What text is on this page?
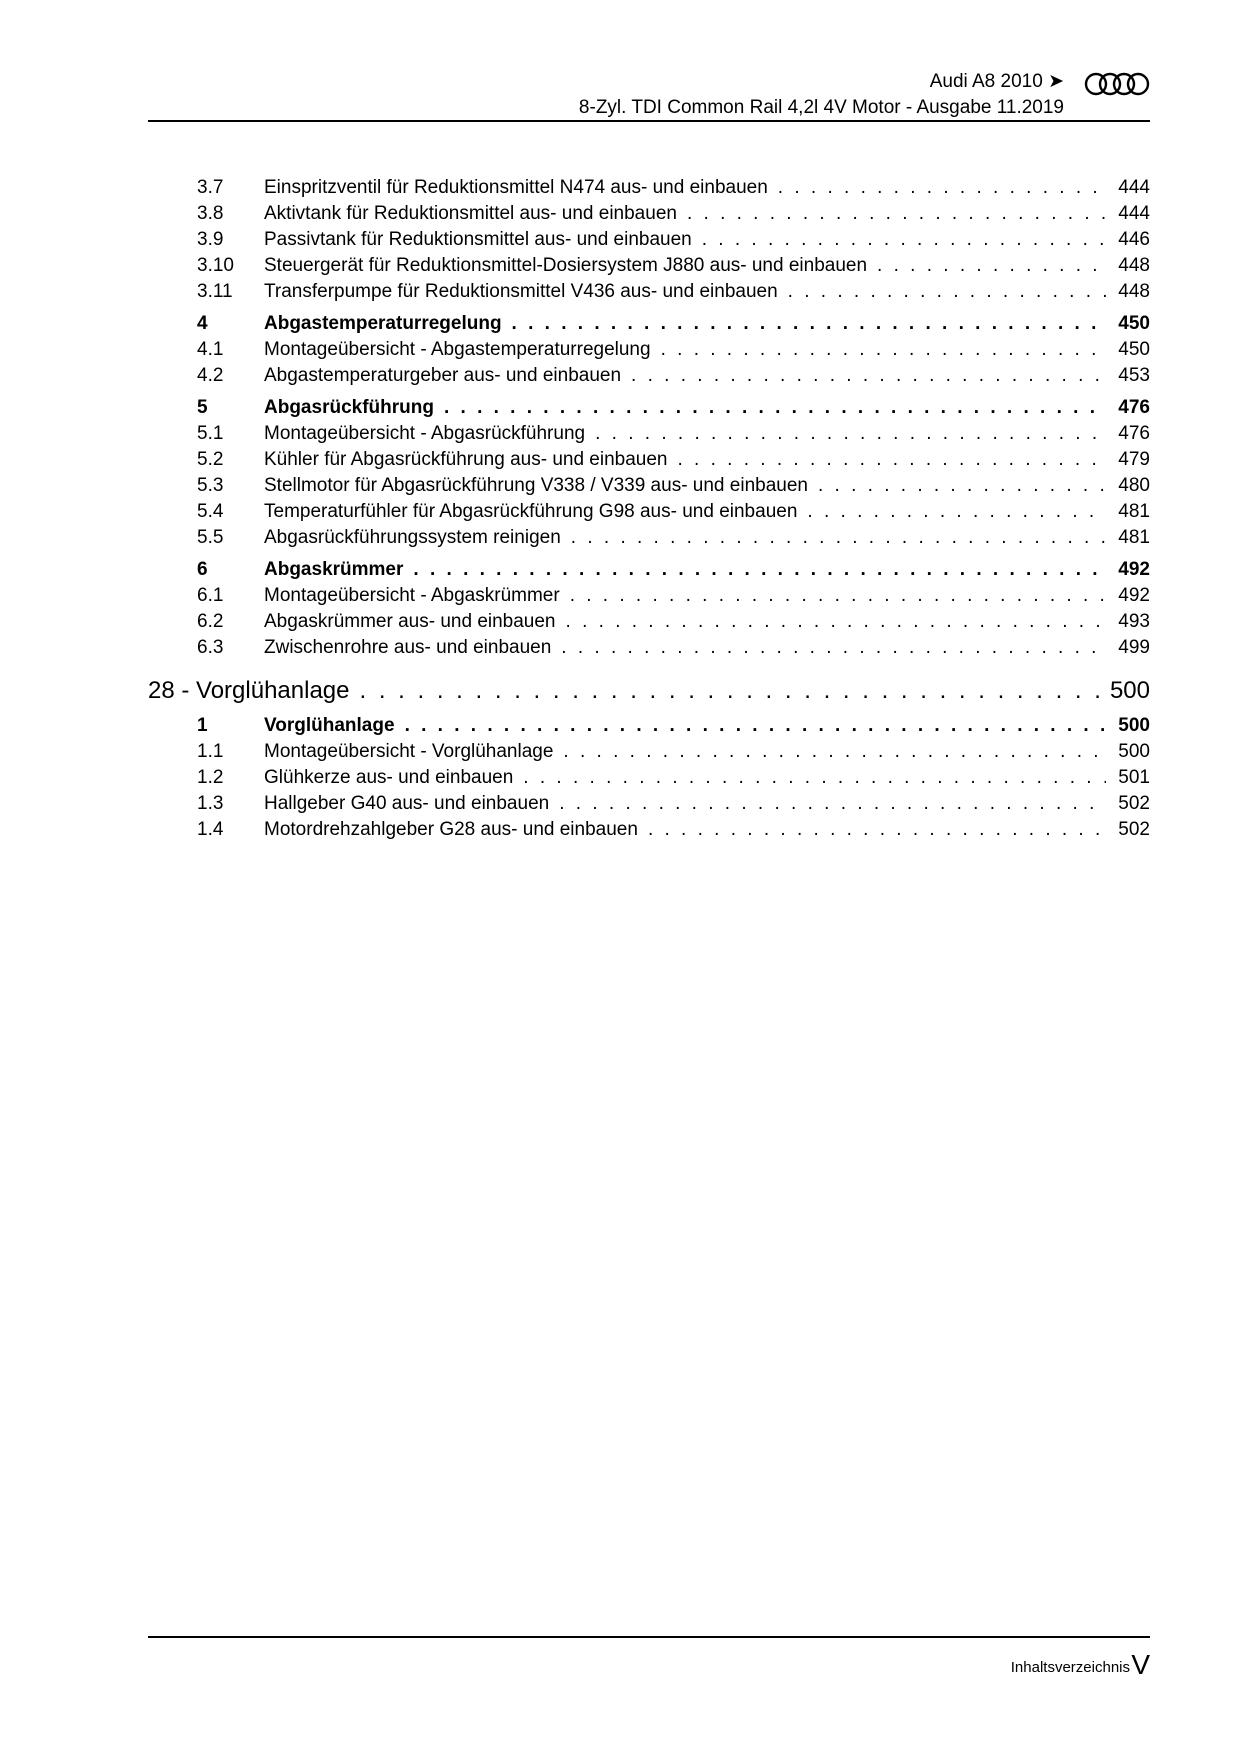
Audi A8 2010 ➤
8-Zyl. TDI Common Rail 4,2l 4V Motor - Ausgabe 11.2019
3.7 Einspritzventil für Reduktionsmittel N474 aus- und einbauen . . .	444
3.8 Aktivtank für Reduktionsmittel aus- und einbauen . . .	444
3.9 Passivtank für Reduktionsmittel aus- und einbauen . . .	446
3.10 Steuergerät für Reduktionsmittel-Dosiersystem J880 aus- und einbauen . . .	448
3.11 Transferpumpe für Reduktionsmittel V436 aus- und einbauen . . .	448
4	Abgastemperaturregelung . . .	450
4.1 Montageübersicht - Abgastemperaturregelung . . .	450
4.2 Abgastemperaturgeber aus- und einbauen . . .	453
5	Abgasrückführung . . .	476
5.1 Montageübersicht - Abgasrückführung . . .	476
5.2 Kühler für Abgasrückführung aus- und einbauen . . .	479
5.3 Stellmotor für Abgasrückführung V338 / V339 aus- und einbauen . . .	480
5.4 Temperaturfühler für Abgasrückführung G98 aus- und einbauen . . .	481
5.5 Abgasrückführungssystem reinigen . . .	481
6	Abgaskrümmer . . .	492
6.1 Montageübersicht - Abgaskrümmer . . .	492
6.2 Abgaskrümmer aus- und einbauen . . .	493
6.3 Zwischenrohre aus- und einbauen . . .	499
28 - Vorglühanlage . . .	500
1	Vorglühanlage . . .	500
1.1 Montageübersicht - Vorglühanlage . . .	500
1.2 Glühkerze aus- und einbauen . . .	501
1.3 Hallgeber G40 aus- und einbauen . . .	502
1.4 Motordrehzahlgeber G28 aus- und einbauen . . .	502
Inhaltsverzeichnis V
